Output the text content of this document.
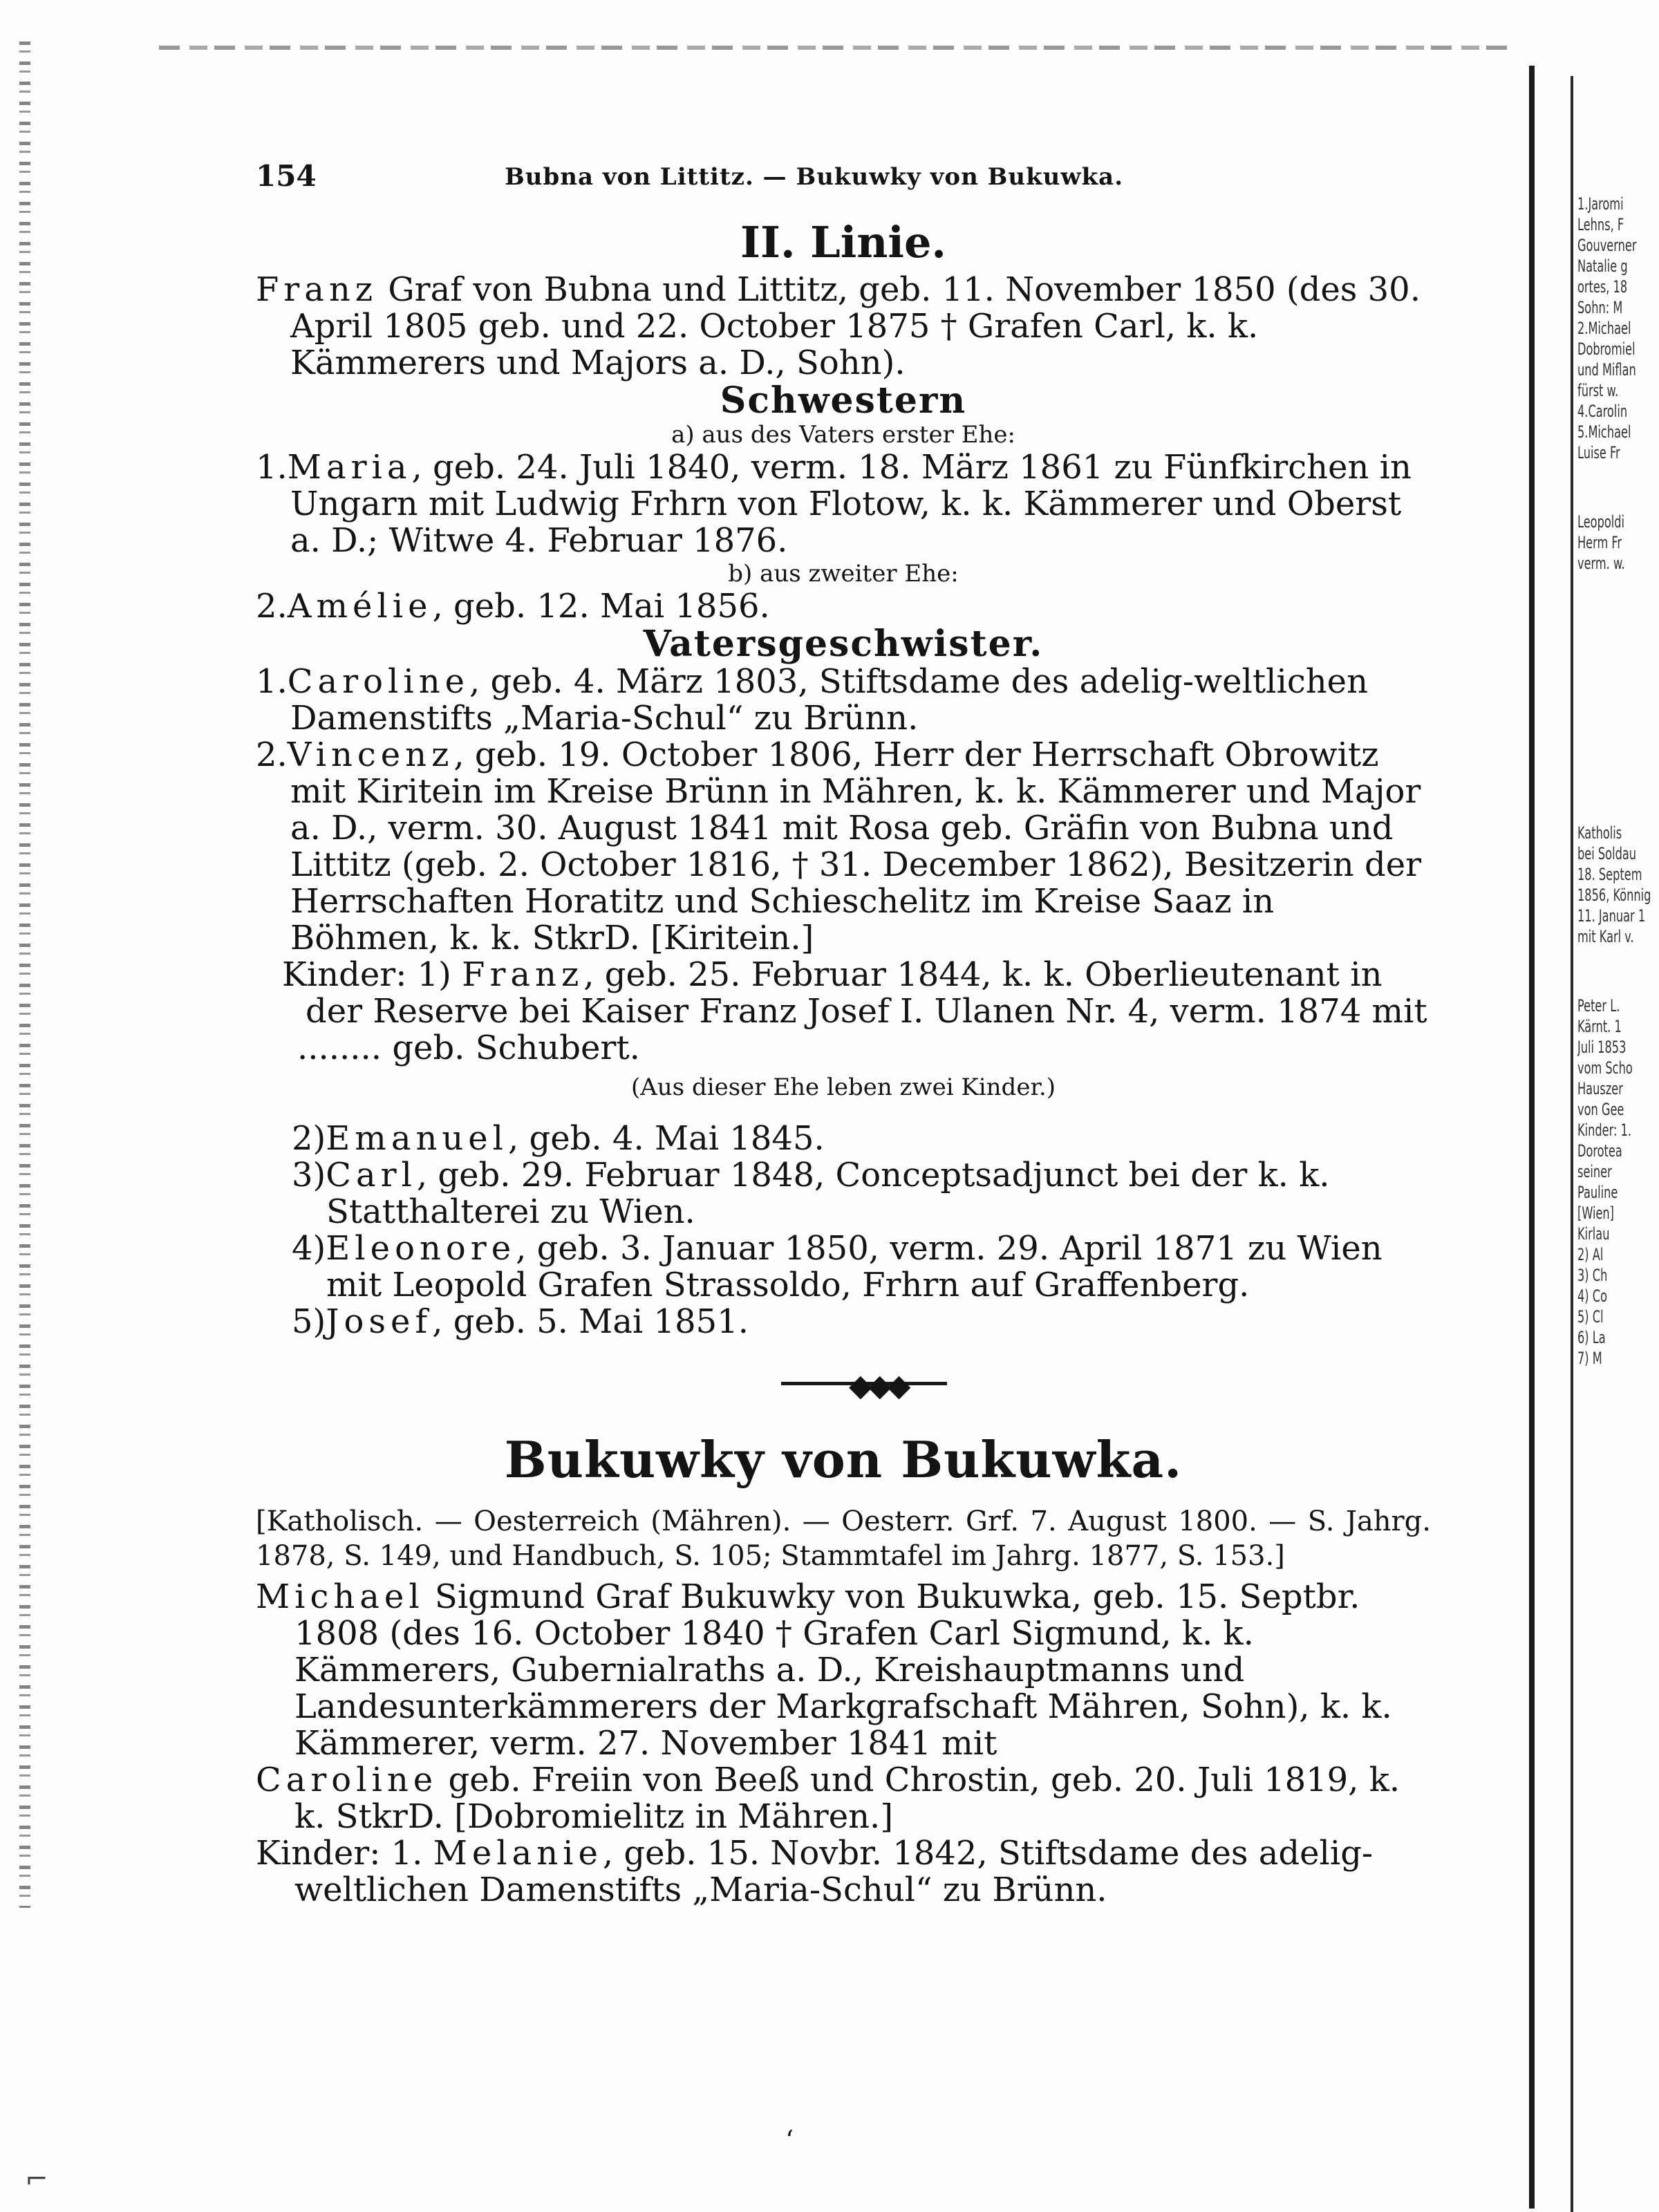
⌐
1.Jaromi
Lehns, F
Gouverner
Natalie g
ortes, 18
Sohn: M
2.Michael
Dobromiel
und Miflan
fürst w.
4.Carolin
5.Michael
Luise Fr
Leopoldi
Herm Fr
verm. w.
Katholis
bei Soldau
18. Septem
1856, Könnig
11. Januar 1
mit Karl v.
Peter L.
Kärnt. 1
Juli 1853
vom Scho
Hauszer
von Gee
Kinder: 1.
Dorotea
seiner
Pauline
[Wien]
Kirlau
2) Al
3) Ch
4) Co
5) Cl
6) La
7) M
154	Bubna von Littitz. — Bukuwky von Bukuwka.
II. Linie.

Franz Graf von Bubna und Littitz, geb. 11. November 1850 (des 30. April 1805 geb. und 22. October 1875 † Grafen Carl, k. k. Kämmerers und Majors a. D., Sohn).

Schwestern
a) aus des Vaters erster Ehe:

1.Maria, geb. 24. Juli 1840, verm. 18. März 1861 zu Fünfkirchen in Ungarn mit Ludwig Frhrn von Flotow, k. k. Kämmerer und Oberst a. D.; Witwe 4. Februar 1876.

b) aus zweiter Ehe:

2.Amélie, geb. 12. Mai 1856.

Vatersgeschwister.

1.Caroline, geb. 4. März 1803, Stiftsdame des adelig-weltlichen Damenstifts „Maria-Schul“ zu Brünn.

2.Vincenz, geb. 19. October 1806, Herr der Herrschaft Obrowitz mit Kiritein im Kreise Brünn in Mähren, k. k. Kämmerer und Major a. D., verm. 30. August 1841 mit Rosa geb. Gräfin von Bubna und Littitz (geb. 2. October 1816, † 31. December 1862), Besitzerin der Herrschaften Horatitz und Schieschelitz im Kreise Saaz in Böhmen, k. k. StkrD. [Kiritein.]

Kinder: 1) Franz, geb. 25. Februar 1844, k. k. Oberlieutenant in der Reserve bei Kaiser Franz Josef I. Ulanen Nr. 4, verm. 1874 mit

........ geb. Schubert.

(Aus dieser Ehe leben zwei Kinder.)

2)Emanuel, geb. 4. Mai 1845.

3)Carl, geb. 29. Februar 1848, Conceptsadjunct bei der k. k. Statthalterei zu Wien.

4)Eleonore, geb. 3. Januar 1850, verm. 29. April 1871 zu Wien mit Leopold Grafen Strassoldo, Frhrn auf Graffenberg.

5)Josef, geb. 5. Mai 1851.

◆◆◆
Bukuwky von Bukuwka.
[Katholisch. — Oesterreich (Mähren). — Oesterr. Grf. 7. August 1800. — S. Jahrg. 1878, S. 149, und Handbuch, S. 105; Stammtafel im Jahrg. 1877, S. 153.]

Michael Sigmund Graf Bukuwky von Bukuwka, geb. 15. Septbr. 1808 (des 16. October 1840 † Grafen Carl Sigmund, k. k. Kämmerers, Gubernialraths a. D., Kreishauptmanns und Landesunterkämmerers der Markgrafschaft Mähren, Sohn), k. k. Kämmerer, verm. 27. November 1841 mit

Caroline geb. Freiin von Beeß und Chrostin, geb. 20. Juli 1819, k. k. StkrD. [Dobromielitz in Mähren.]

Kinder: 1. Melanie, geb. 15. Novbr. 1842, Stiftsdame des adelig-weltlichen Damenstifts „Maria-Schul“ zu Brünn.

‘
